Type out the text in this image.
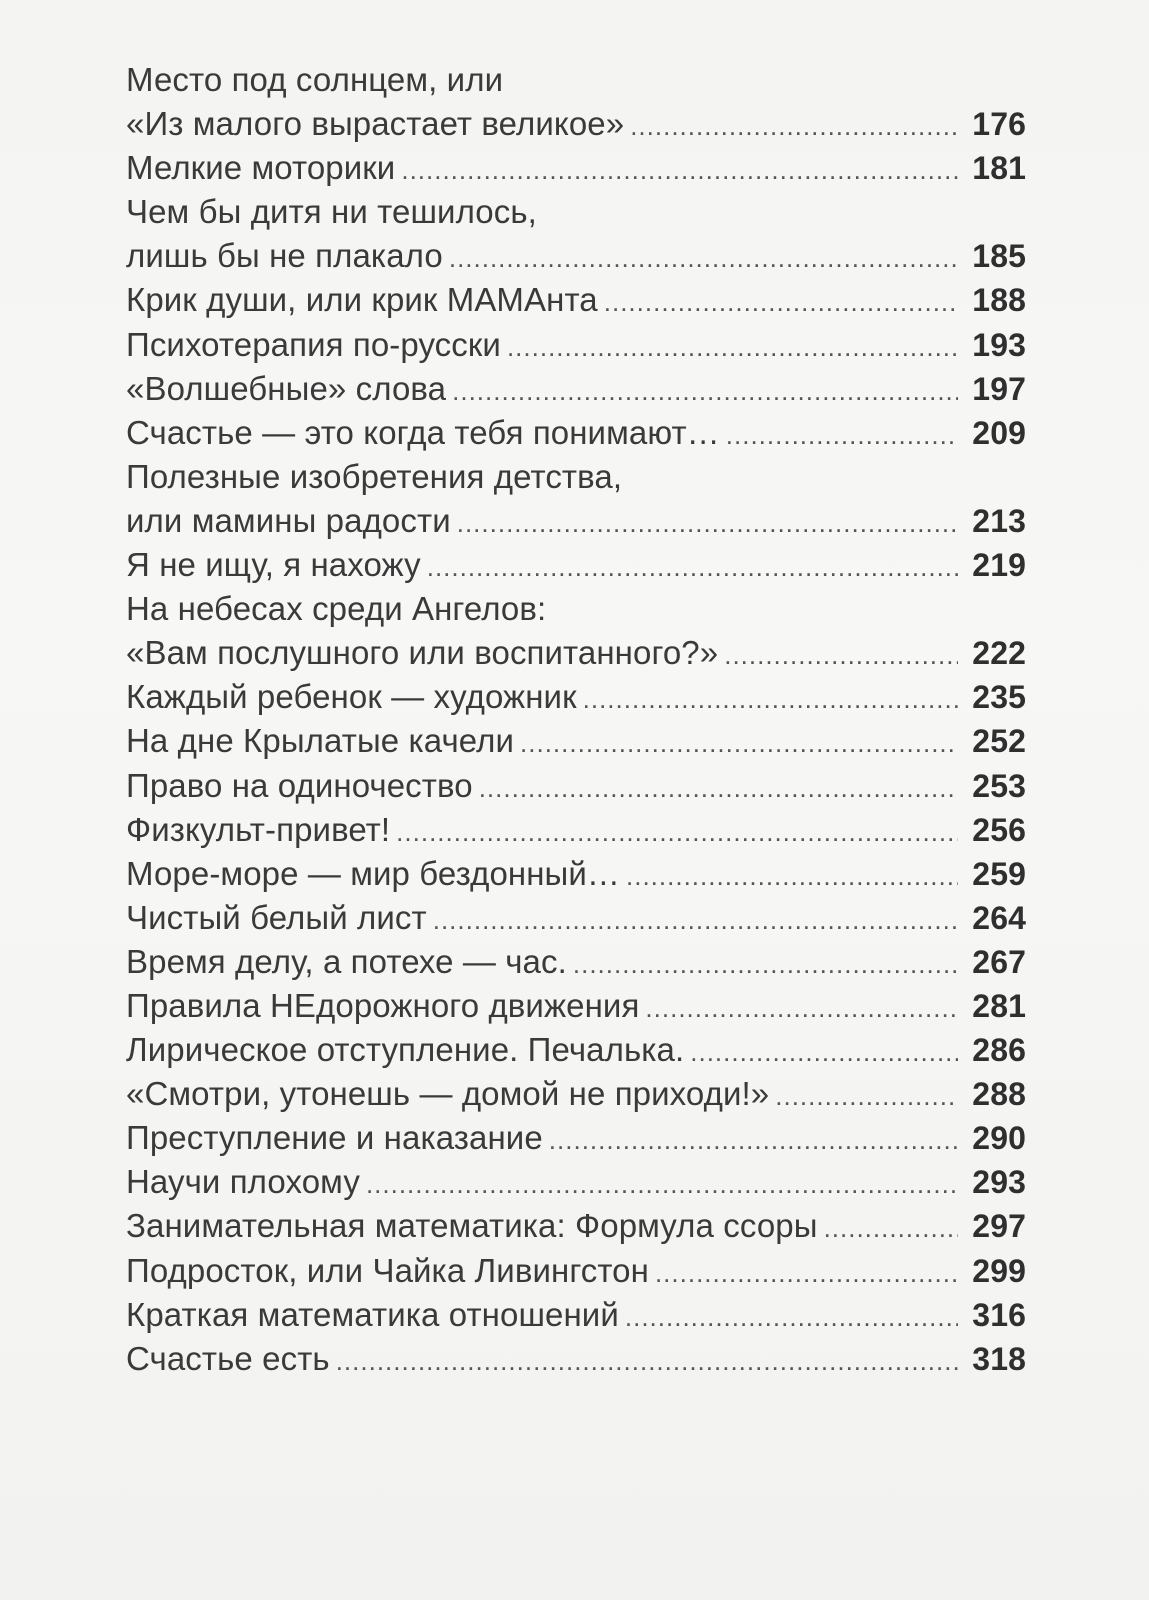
Место под солнцем, или
«Из малого вырастает великое» .....	176
Мелкие моторики .....	181
Чем бы дитя ни тешилось,
лишь бы не плакало .....	185
Крик души, или крик МАМАнта .....	188
Психотерапия по-русски .....	193
«Волшебные» слова .....	197
Счастье — это когда тебя понимают… .....	209
Полезные изобретения детства,
или мамины радости .....	213
Я не ищу, я нахожу .....	219
На небесах среди Ангелов:
«Вам послушного или воспитанного?» .....	222
Каждый ребенок — художник .....	235
На дне Крылатые качели .....	252
Право на одиночество .....	253
Физкульт-привет! .....	256
Море-море — мир бездонный… .....	259
Чистый белый лист .....	264
Время делу, а потехе — час. .....	267
Правила НЕдорожного движения .....	281
Лирическое отступление. Печалька. .....	286
«Смотри, утонешь — домой не приходи!» .....	288
Преступление и наказание .....	290
Научи плохому .....	293
Занимательная математика: Формула ссоры .....	297
Подросток, или Чайка Ливингстон .....	299
Краткая математика отношений .....	316
Счастье есть .....	318
